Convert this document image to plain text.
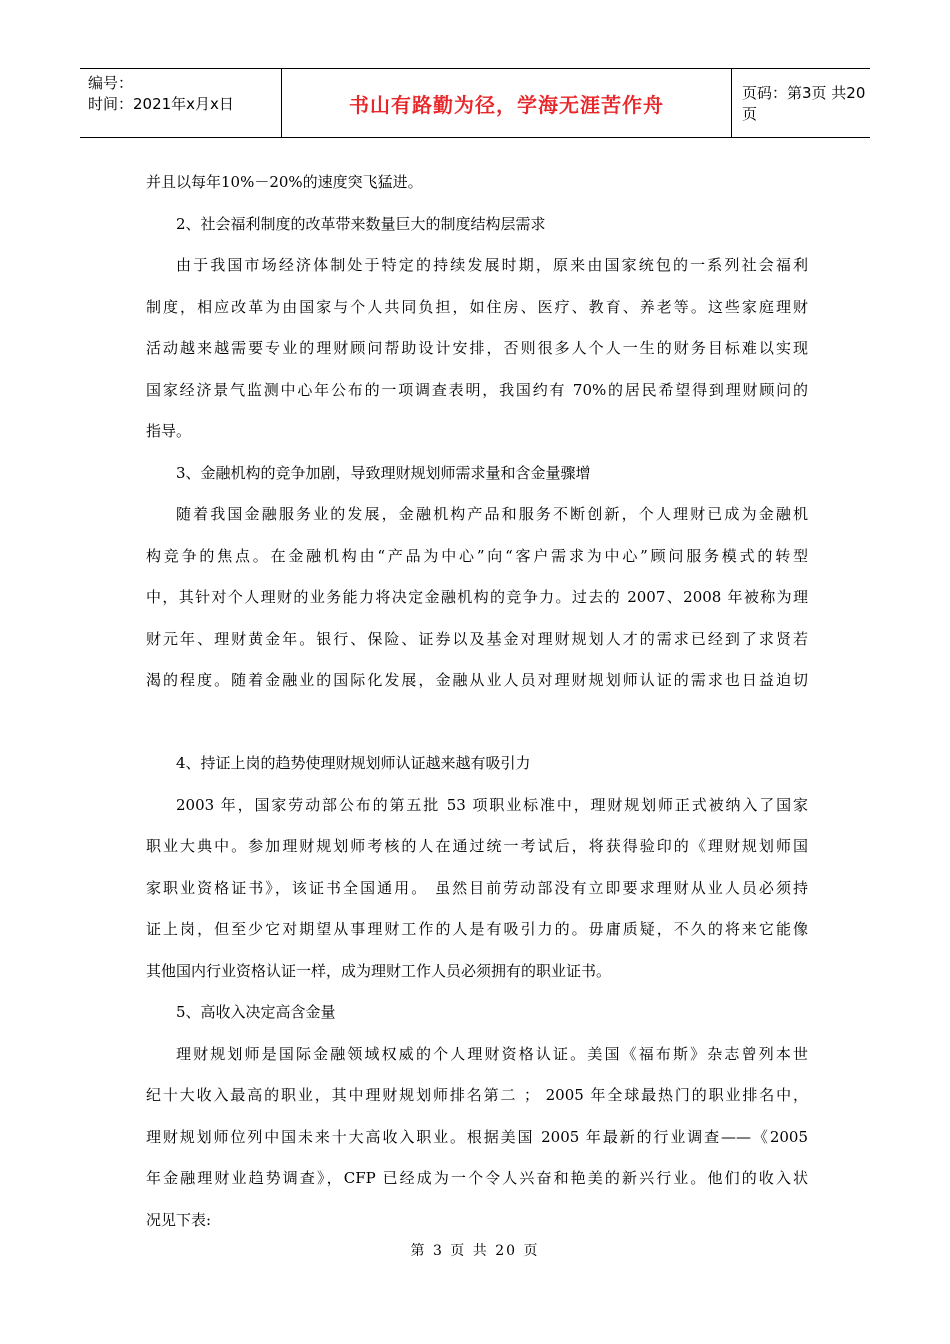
编号：
时间：2021年x月x日	书山有路勤为径，学海无涯苦作舟	页码：第3页 共20页
并且以每年10%－20%的速度突飞猛进。
2、社会福利制度的改革带来数量巨大的制度结构层需求
由于我国市场经济体制处于特定的持续发展时期，原来由国家统包的一系列社会福利
制度，相应改革为由国家与个人共同负担，如住房、医疗、教育、养老等。这些家庭理财
活动越来越需要专业的理财顾问帮助设计安排，否则很多人个人一生的财务目标难以实现
国家经济景气监测中心年公布的一项调查表明，我国约有 70%的居民希望得到理财顾问的
指导。
3、金融机构的竞争加剧，导致理财规划师需求量和含金量骤增
随着我国金融服务业的发展，金融机构产品和服务不断创新，个人理财已成为金融机
构竞争的焦点。在金融机构由“产品为中心”向“客户需求为中心”顾问服务模式的转型
中，其针对个人理财的业务能力将决定金融机构的竞争力。过去的 2007、2008 年被称为理
财元年、理财黄金年。银行、保险、证券以及基金对理财规划人才的需求已经到了求贤若
渴的程度。随着金融业的国际化发展，金融从业人员对理财规划师认证的需求也日益迫切
4、持证上岗的趋势使理财规划师认证越来越有吸引力
2003 年，国家劳动部公布的第五批 53 项职业标准中，理财规划师正式被纳入了国家
职业大典中。参加理财规划师考核的人在通过统一考试后，将获得验印的《理财规划师国
家职业资格证书》，该证书全国通用。 虽然目前劳动部没有立即要求理财从业人员必须持
证上岗，但至少它对期望从事理财工作的人是有吸引力的。毋庸质疑，不久的将来它能像
其他国内行业资格认证一样，成为理财工作人员必须拥有的职业证书。
5、高收入决定高含金量
理财规划师是国际金融领域权威的个人理财资格认证。美国《福布斯》杂志曾列本世
纪十大收入最高的职业，其中理财规划师排名第二 ； 2005 年全球最热门的职业排名中，
理财规划师位列中国未来十大高收入职业。根据美国 2005 年最新的行业调查——《2005
年金融理财业趋势调查》，CFP 已经成为一个令人兴奋和艳美的新兴行业。他们的收入状
况见下表:
第 3 页 共 20 页
